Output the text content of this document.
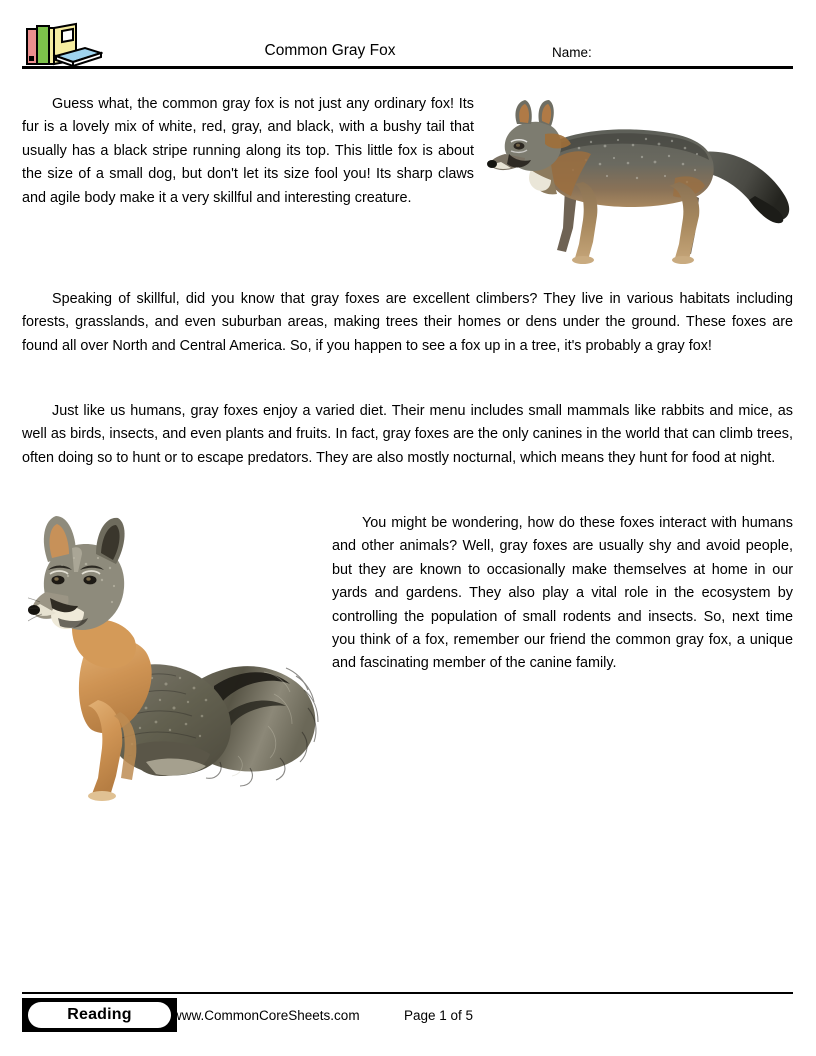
Common Gray Fox	Name:

Guess what, the common gray fox is not just any ordinary fox! Its fur is a lovely mix of white, red, gray, and black, with a bushy tail that usually has a black stripe running along its top. This little fox is about the size of a small dog, but don't let its size fool you! Its sharp claws and agile body make it a very skillful and interesting creature.

Speaking of skillful, did you know that gray foxes are excellent climbers? They live in various habitats including forests, grasslands, and even suburban areas, making trees their homes or dens under the ground. These foxes are found all over North and Central America. So, if you happen to see a fox up in a tree, it's probably a gray fox!

Just like us humans, gray foxes enjoy a varied diet. Their menu includes small mammals like rabbits and mice, as well as birds, insects, and even plants and fruits. In fact, gray foxes are the only canines in the world that can climb trees, often doing so to hunt or to escape predators. They are also mostly nocturnal, which means they hunt for food at night.

You might be wondering, how do these foxes interact with humans and other animals? Well, gray foxes are usually shy and avoid people, but they are known to occasionally make themselves at home in our yards and gardens. They also play a vital role in the ecosystem by controlling the population of small rodents and insects. So, next time you think of a fox, remember our friend the common gray fox, a unique and fascinating member of the canine family.

Reading	www.CommonCoreSheets.com	Page 1 of 5
